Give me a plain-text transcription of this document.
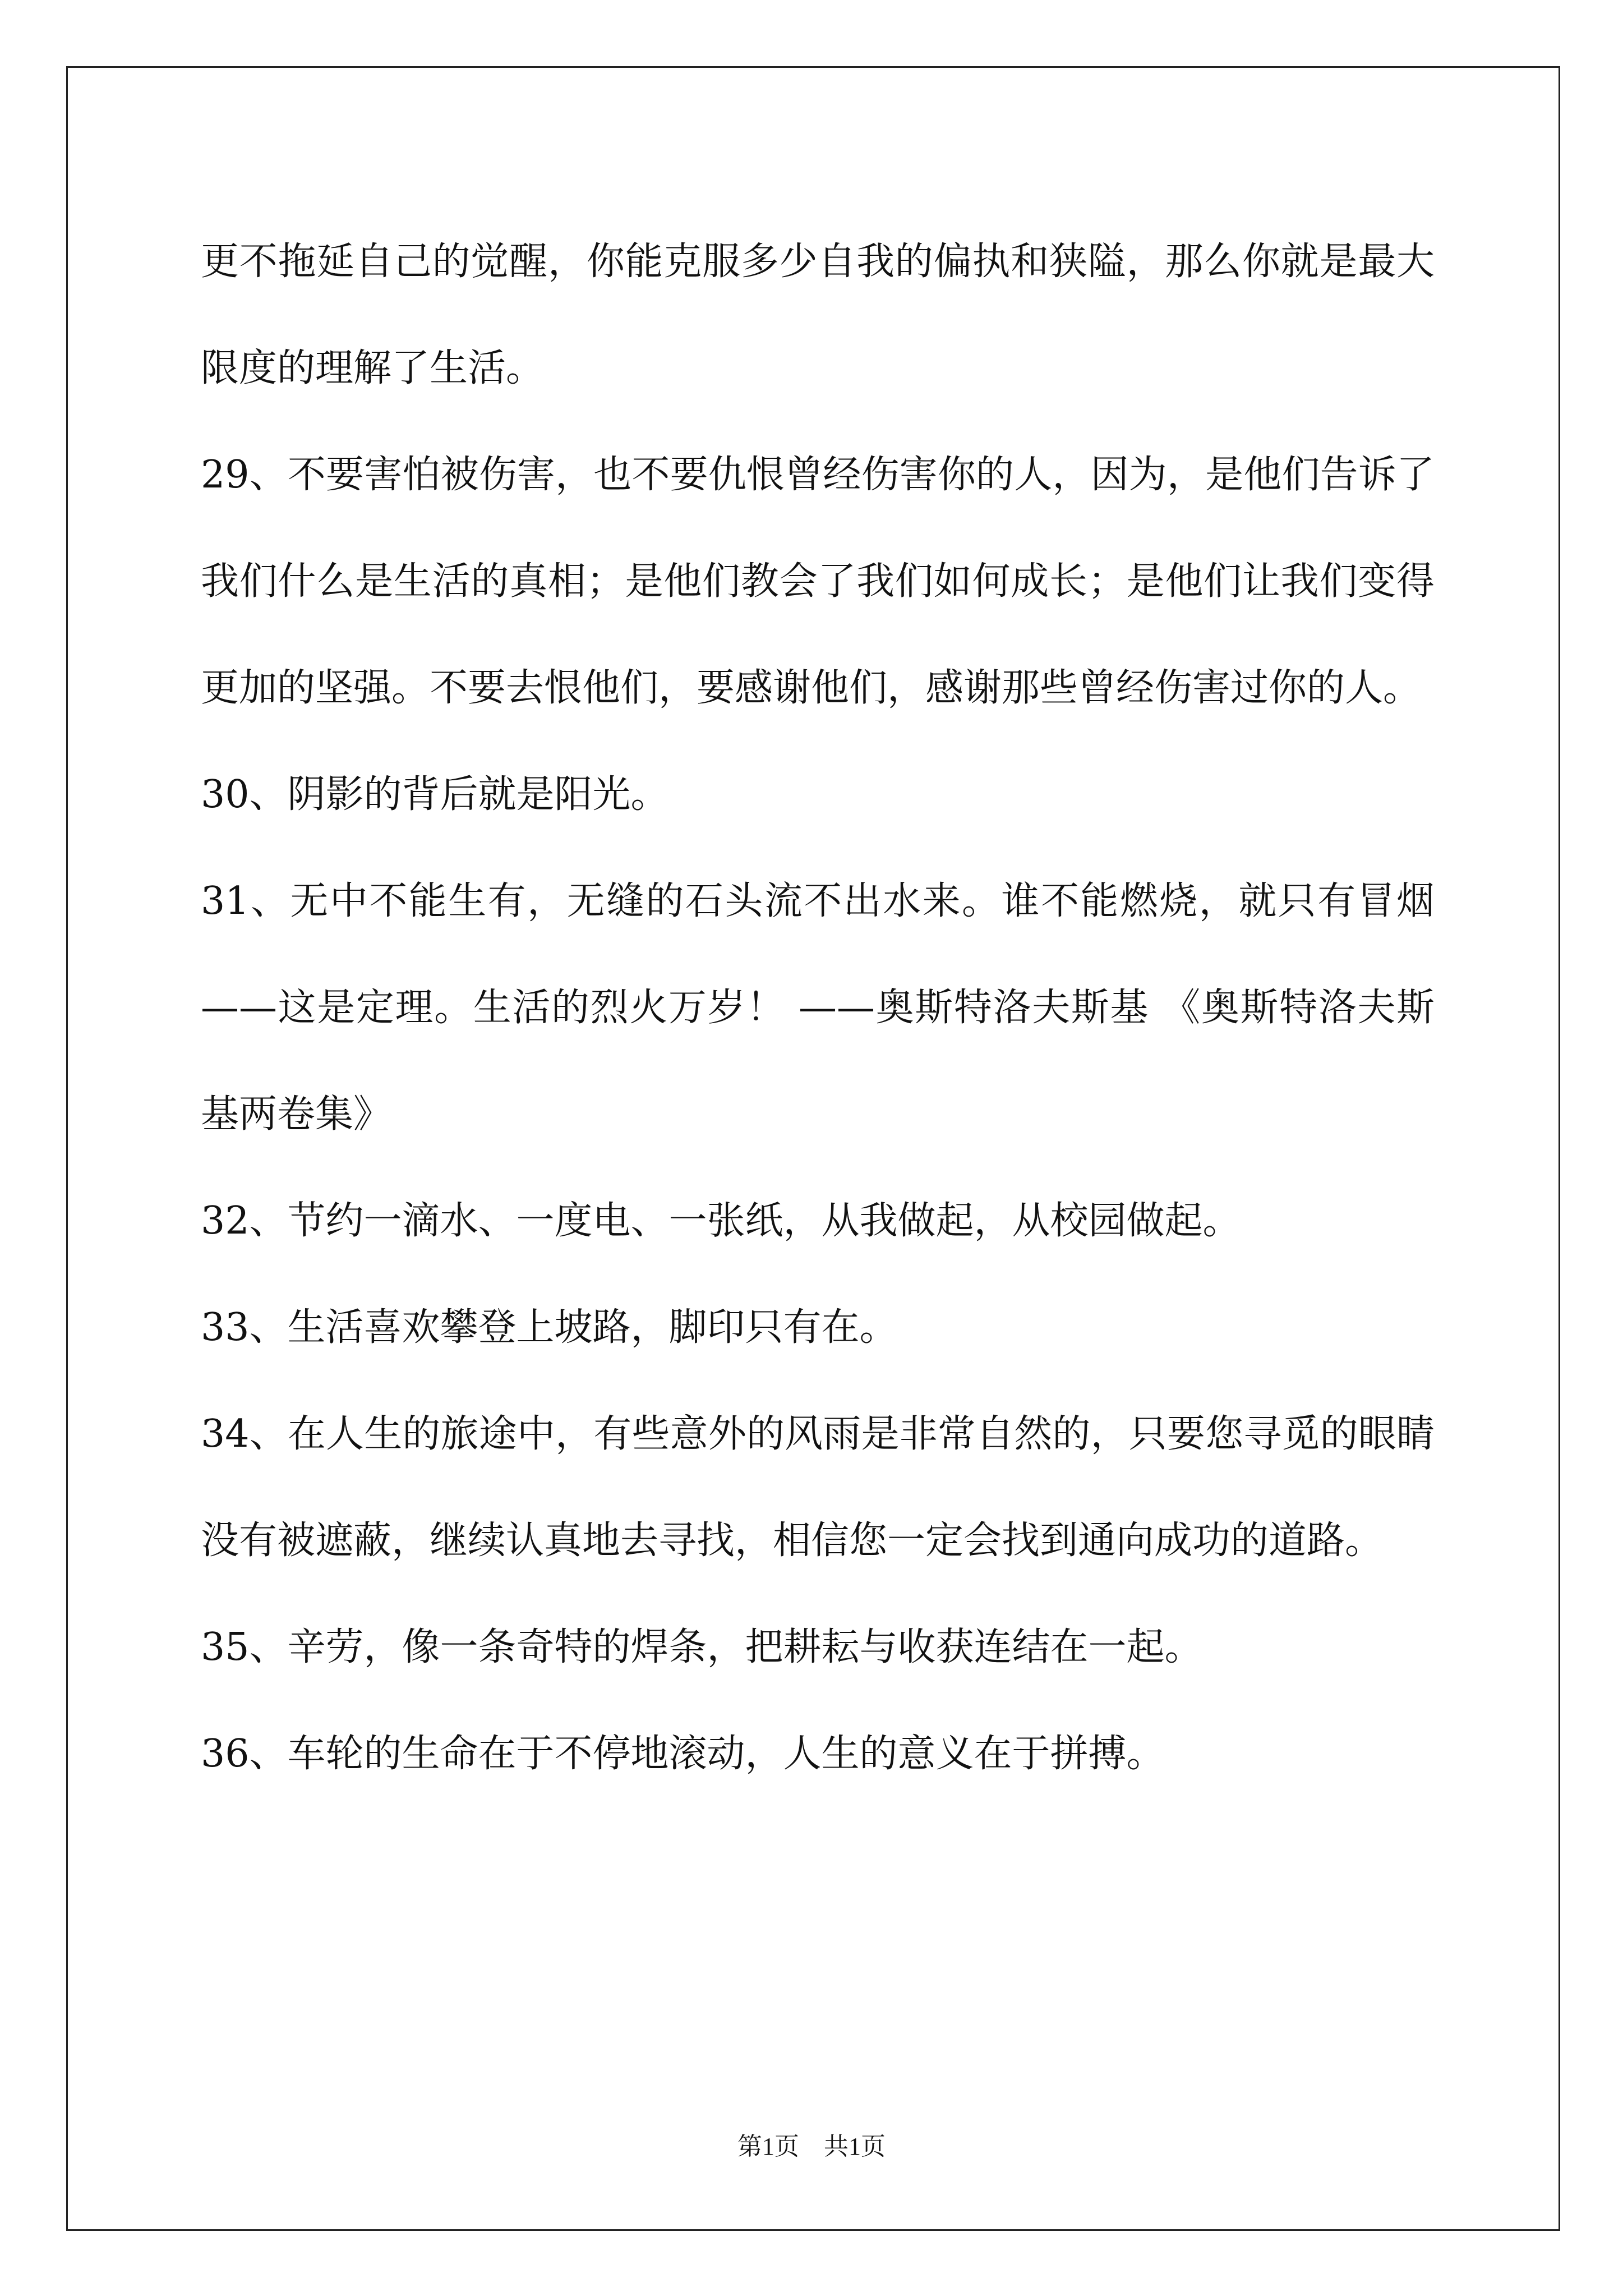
更不拖延自己的觉醒，你能克服多少自我的偏执和狭隘，那么你就是最大限度的理解了生活。

29、不要害怕被伤害，也不要仇恨曾经伤害你的人，因为，是他们告诉了我们什么是生活的真相；是他们教会了我们如何成长；是他们让我们变得更加的坚强。不要去恨他们，要感谢他们，感谢那些曾经伤害过你的人。

30、阴影的背后就是阳光。

31、无中不能生有，无缝的石头流不出水来。谁不能燃烧，就只有冒烟——这是定理。生活的烈火万岁！ ——奥斯特洛夫斯基 《奥斯特洛夫斯基两卷集》

32、节约一滴水、一度电、一张纸，从我做起，从校园做起。

33、生活喜欢攀登上坡路，脚印只有在。

34、在人生的旅途中，有些意外的风雨是非常自然的，只要您寻觅的眼睛没有被遮蔽，继续认真地去寻找，相信您一定会找到通向成功的道路。

35、辛劳，像一条奇特的焊条，把耕耘与收获连结在一起。

36、车轮的生命在于不停地滚动，人生的意义在于拼搏。

第1页　共1页
